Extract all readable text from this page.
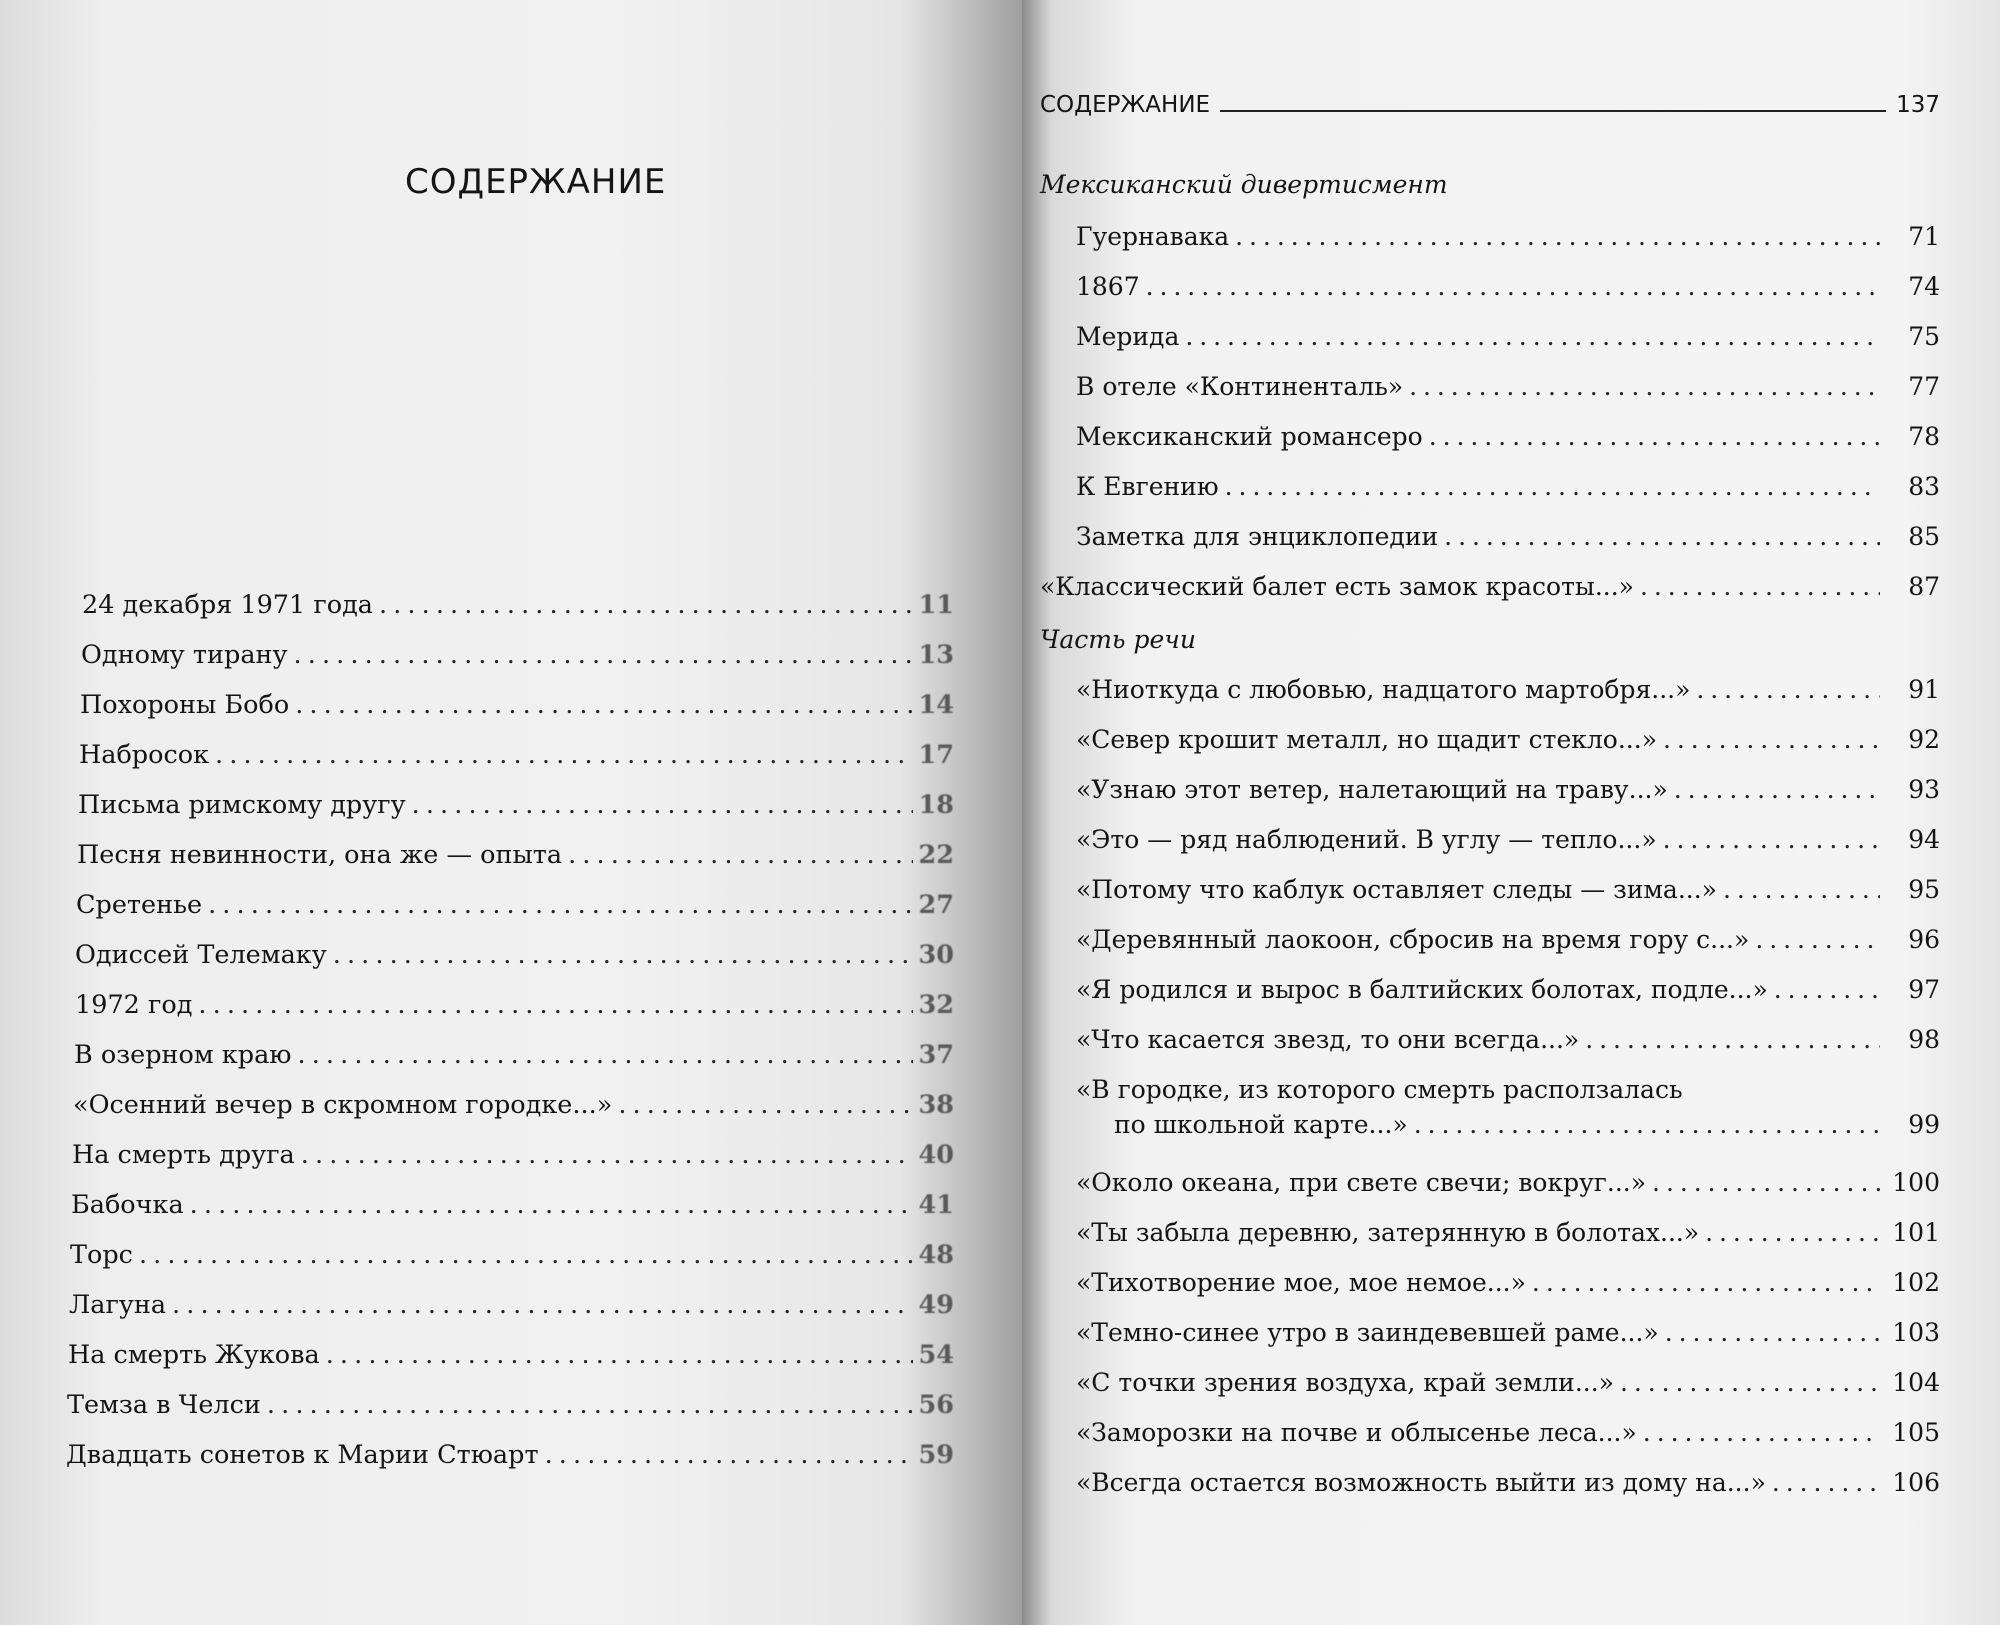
СОДЕРЖАНИЕ
24 декабря 1971 года . . .	11
Одному тирану . . .	13
Похороны Бобо . . .	14
Набросок . . .	17
Письма римскому другу . . .	18
Песня невинности, она же — опыта . . .	22
Сретенье . . .	27
Одиссей Телемаку . . .	30
1972 год . . .	32
В озерном краю . . .	37
«Осенний вечер в скромном городке...» . . .	38
На смерть друга . . .	40
Бабочка . . .	41
Торс . . .	48
Лагуна . . .	49
На смерть Жукова . . .	54
Темза в Челси . . .	56
Двадцать сонетов к Марии Стюарт . . .	59
СОДЕРЖАНИЕ	137
Мексиканский дивертисмент
Гуернавака . . .	71
1867 . . .	74
Мерида . . .	75
В отеле «Континенталь» . . .	77
Мексиканский романсеро . . .	78
К Евгению . . .	83
Заметка для энциклопедии . . .	85
«Классический балет есть замок красоты...» . . .	87
Часть речи
«Ниоткуда с любовью, надцатого мартобря...» . . .	91
«Север крошит металл, но щадит стекло...» . . .	92
«Узнаю этот ветер, налетающий на траву...» . . .	93
«Это — ряд наблюдений. В углу — тепло...» . . .	94
«Потому что каблук оставляет следы — зима...» . . .	95
«Деревянный лаокоон, сбросив на время гору с...» . . .	96
«Я родился и вырос в балтийских болотах, подле...» . . .	97
«Что касается звезд, то они всегда...» . . .	98
«В городке, из которого смерть расползалась
по школьной карте...» . . .	99
«Около океана, при свете свечи; вокруг...» . . .	100
«Ты забыла деревню, затерянную в болотах...» . . .	101
«Тихотворение мое, мое немое...» . . .	102
«Темно-синее утро в заиндевевшей раме...» . . .	103
«С точки зрения воздуха, край земли...» . . .	104
«Заморозки на почве и облысенье леса...» . . .	105
«Всегда остается возможность выйти из дому на...» . . .	106
